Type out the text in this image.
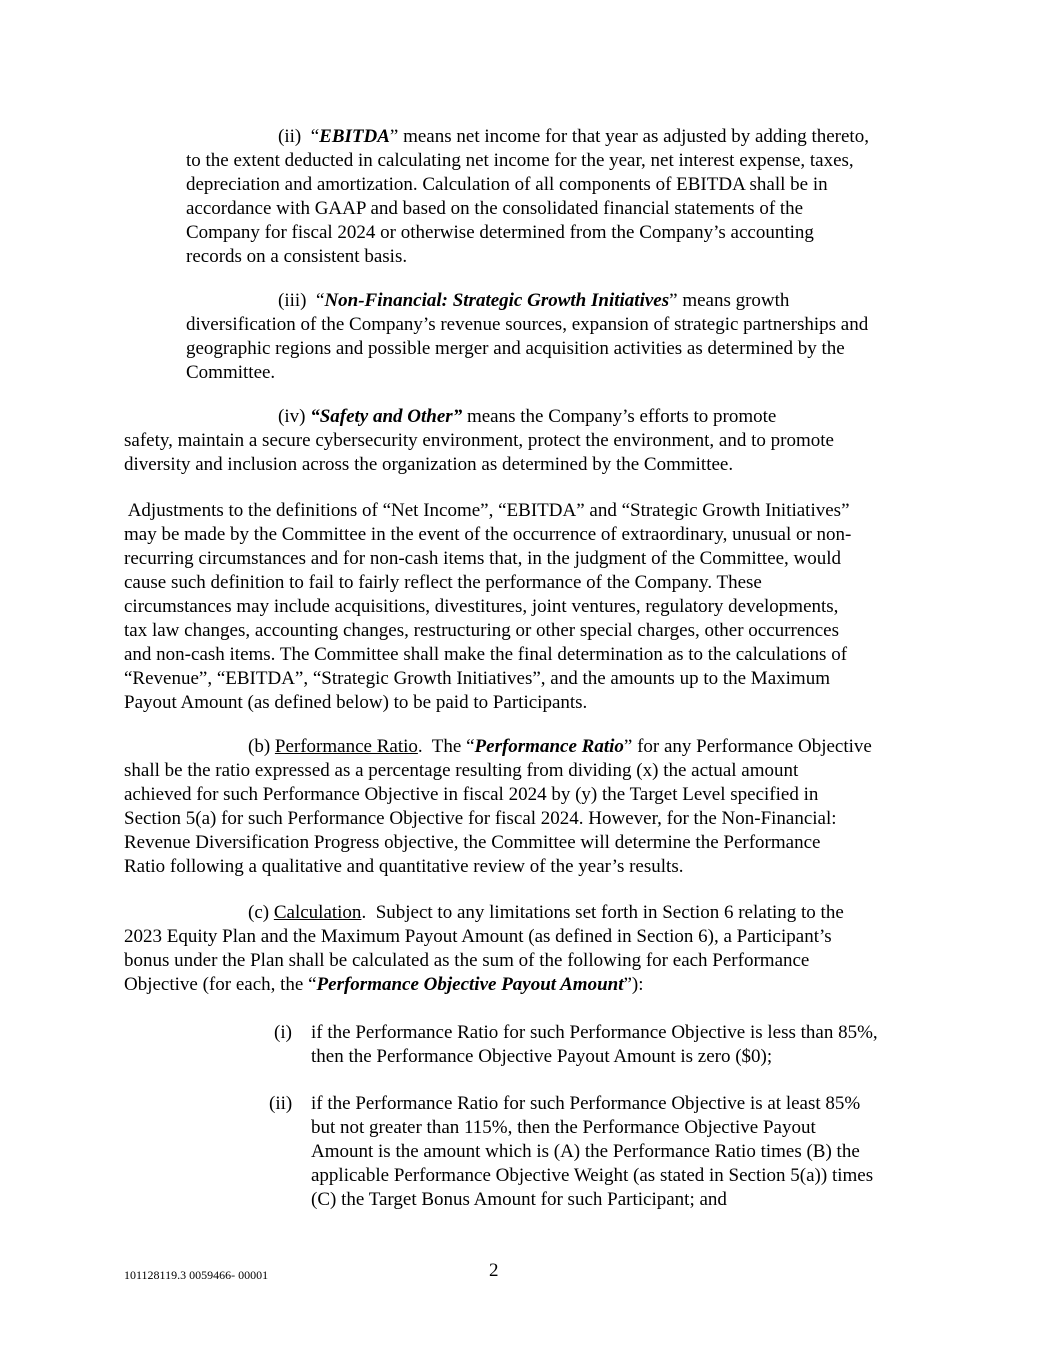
(ii) “EBITDA” means net income for that year as adjusted by adding thereto,
to the extent deducted in calculating net income for the year, net interest expense, taxes,
depreciation and amortization. Calculation of all components of EBITDA shall be in
accordance with GAAP and based on the consolidated financial statements of the
Company for fiscal 2024 or otherwise determined from the Company’s accounting
records on a consistent basis.
(iii) “Non-Financial: Strategic Growth Initiatives” means growth
diversification of the Company’s revenue sources, expansion of strategic partnerships and
geographic regions and possible merger and acquisition activities as determined by the
Committee.
(iv) “Safety and Other” means the Company’s efforts to promote
safety, maintain a secure cybersecurity environment, protect the environment, and to promote
diversity and inclusion across the organization as determined by the Committee.
Adjustments to the definitions of “Net Income”, “EBITDA” and “Strategic Growth Initiatives”
may be made by the Committee in the event of the occurrence of extraordinary, unusual or non-
recurring circumstances and for non-cash items that, in the judgment of the Committee, would
cause such definition to fail to fairly reflect the performance of the Company. These
circumstances may include acquisitions, divestitures, joint ventures, regulatory developments,
tax law changes, accounting changes, restructuring or other special charges, other occurrences
and non-cash items. The Committee shall make the final determination as to the calculations of
“Revenue”, “EBITDA”, “Strategic Growth Initiatives”, and the amounts up to the Maximum
Payout Amount (as defined below) to be paid to Participants.
(b) Performance Ratio.  The “Performance Ratio” for any Performance Objective
shall be the ratio expressed as a percentage resulting from dividing (x) the actual amount
achieved for such Performance Objective in fiscal 2024 by (y) the Target Level specified in
Section 5(a) for such Performance Objective for fiscal 2024. However, for the Non-Financial:
Revenue Diversification Progress objective, the Committee will determine the Performance
Ratio following a qualitative and quantitative review of the year’s results.
(c) Calculation.  Subject to any limitations set forth in Section 6 relating to the
2023 Equity Plan and the Maximum Payout Amount (as defined in Section 6), a Participant’s
bonus under the Plan shall be calculated as the sum of the following for each Performance
Objective (for each, the “Performance Objective Payout Amount”):
(i) if the Performance Ratio for such Performance Objective is less than 85%,
then the Performance Objective Payout Amount is zero ($0);
(ii) if the Performance Ratio for such Performance Objective is at least 85%
but not greater than 115%, then the Performance Objective Payout
Amount is the amount which is (A) the Performance Ratio times (B) the
applicable Performance Objective Weight (as stated in Section 5(a)) times
(C) the Target Bonus Amount for such Participant; and
101128119.3 0059466- 00001	2
